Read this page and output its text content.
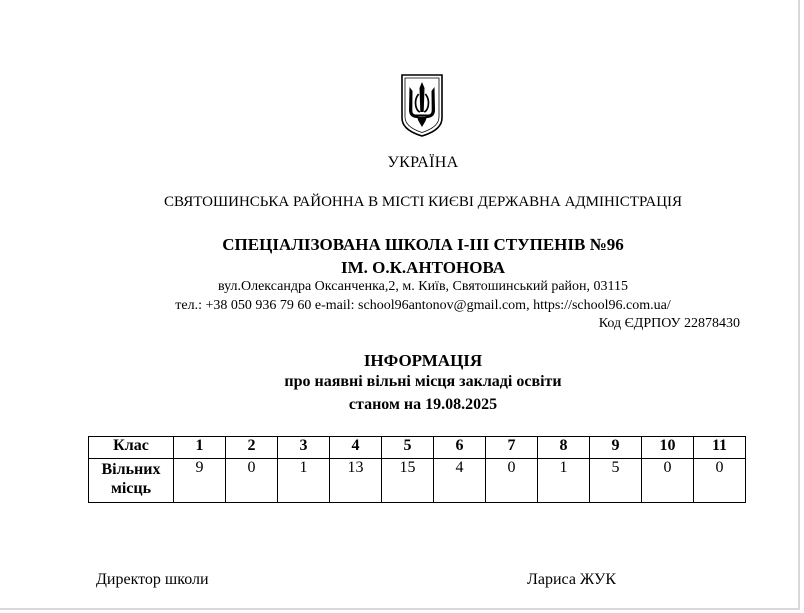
УКРАЇНА
СВЯТОШИНСЬКА РАЙОННА В МІСТІ КИЄВІ ДЕРЖАВНА АДМІНІСТРАЦІЯ
СПЕЦІАЛІЗОВАНА ШКОЛА І-ІІІ СТУПЕНІВ №96
ІМ. О.К.АНТОНОВА
вул.Олександра Оксанченка,2, м. Київ, Святошинський район, 03115
тел.: +38 050 936 79 60 e-mail: school96antonov@gmail.com, https://school96.com.ua/
Код ЄДРПОУ 22878430
ІНФОРМАЦІЯ
про наявні вільні місця закладі освіти
станом на 19.08.2025
Клас	1	2	3	4	5	6	7	8	9	10	11
Вільних
місць	9	0	1	13	15	4	0	1	5	0	0
Директор школи	Лариса ЖУК
